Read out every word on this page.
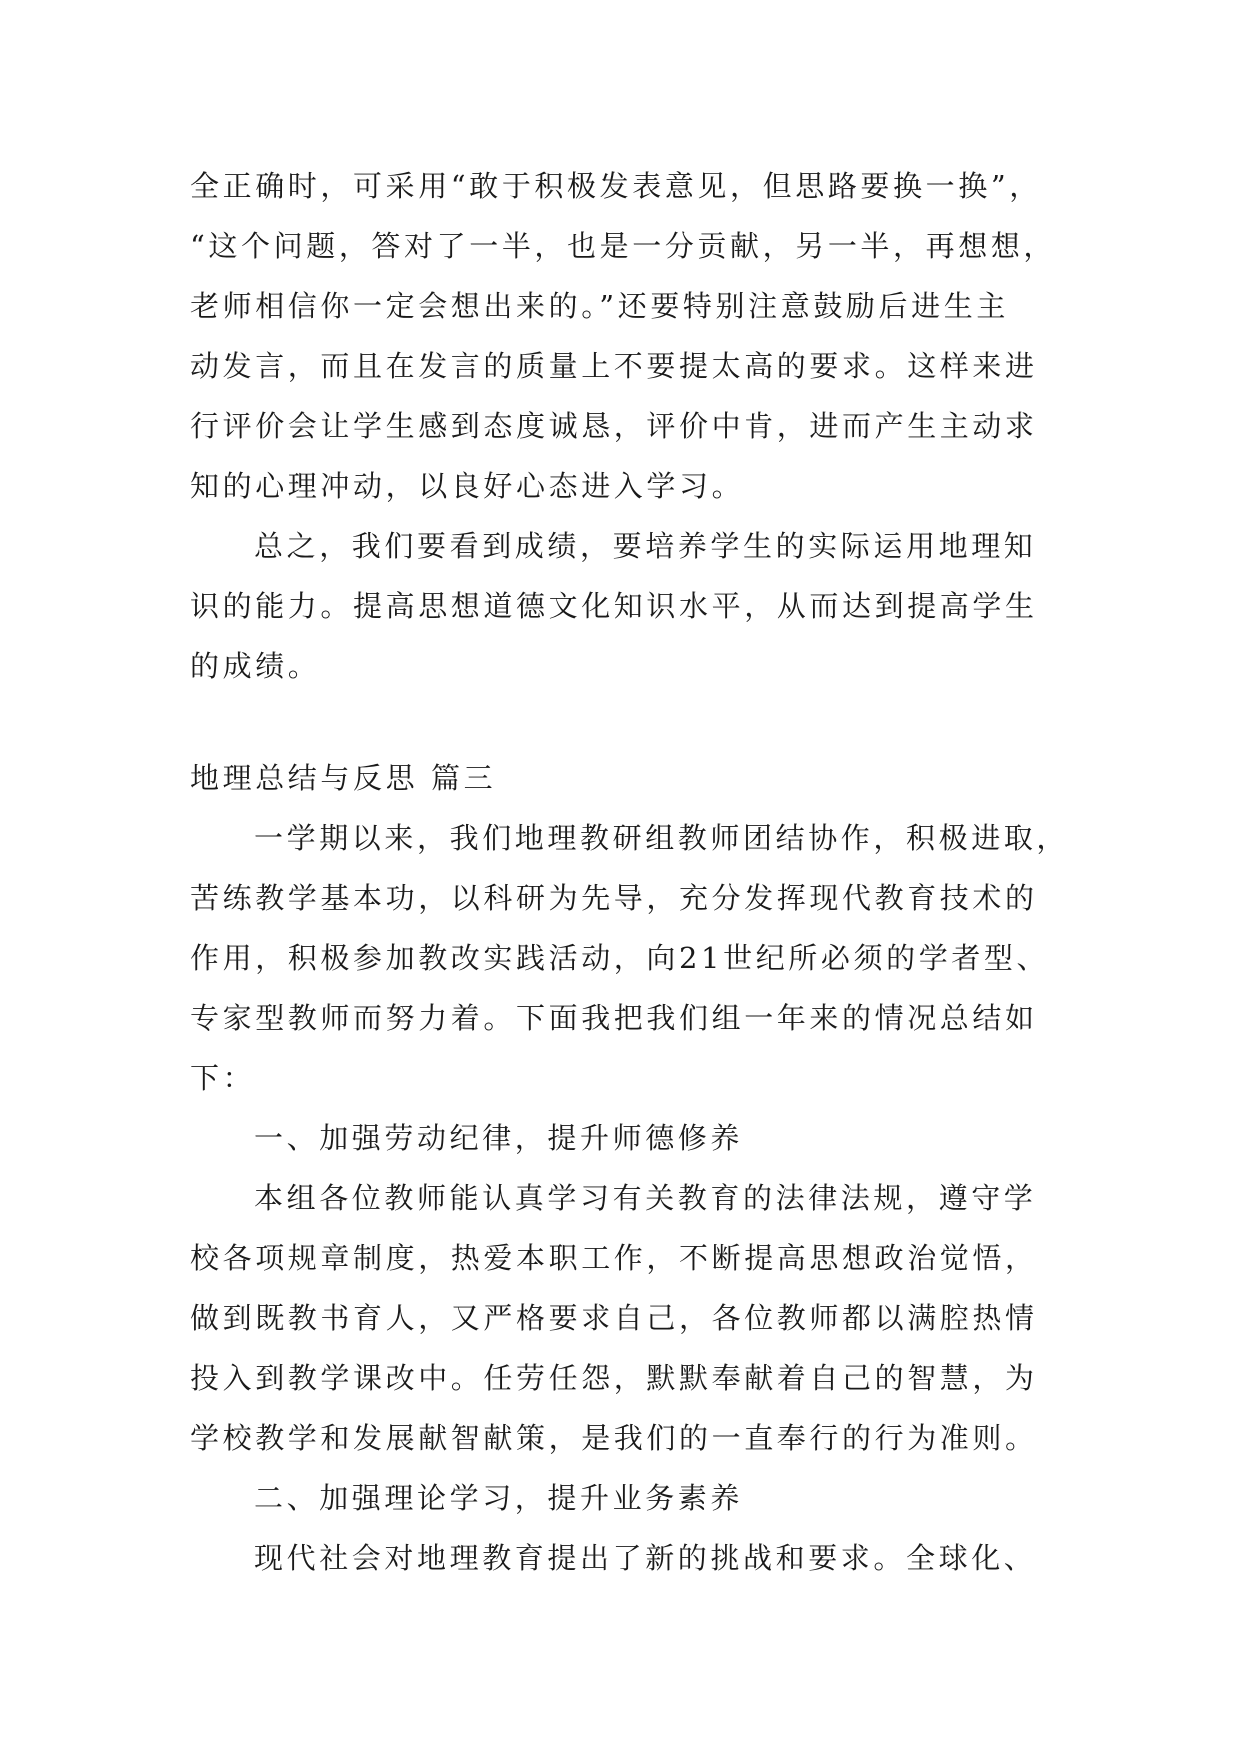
全正确时，可采用“敢于积极发表意见，但思路要换一换”，
“这个问题，答对了一半，也是一分贡献，另一半，再想想，
老师相信你一定会想出来的。”还要特别注意鼓励后进生主
动发言，而且在发言的质量上不要提太高的要求。这样来进
行评价会让学生感到态度诚恳，评价中肯，进而产生主动求
知的心理冲动，以良好心态进入学习。
总之，我们要看到成绩，要培养学生的实际运用地理知
识的能力。提高思想道德文化知识水平，从而达到提高学生
的成绩。
地理总结与反思 篇三
一学期以来，我们地理教研组教师团结协作，积极进取，
苦练教学基本功，以科研为先导，充分发挥现代教育技术的
作用，积极参加教改实践活动，向21世纪所必须的学者型、
专家型教师而努力着。下面我把我们组一年来的情况总结如
下：
一、加强劳动纪律，提升师德修养
本组各位教师能认真学习有关教育的法律法规，遵守学
校各项规章制度，热爱本职工作，不断提高思想政治觉悟，
做到既教书育人，又严格要求自己，各位教师都以满腔热情
投入到教学课改中。任劳任怨，默默奉献着自己的智慧，为
学校教学和发展献智献策，是我们的一直奉行的行为准则。
二、加强理论学习，提升业务素养
现代社会对地理教育提出了新的挑战和要求。全球化、
